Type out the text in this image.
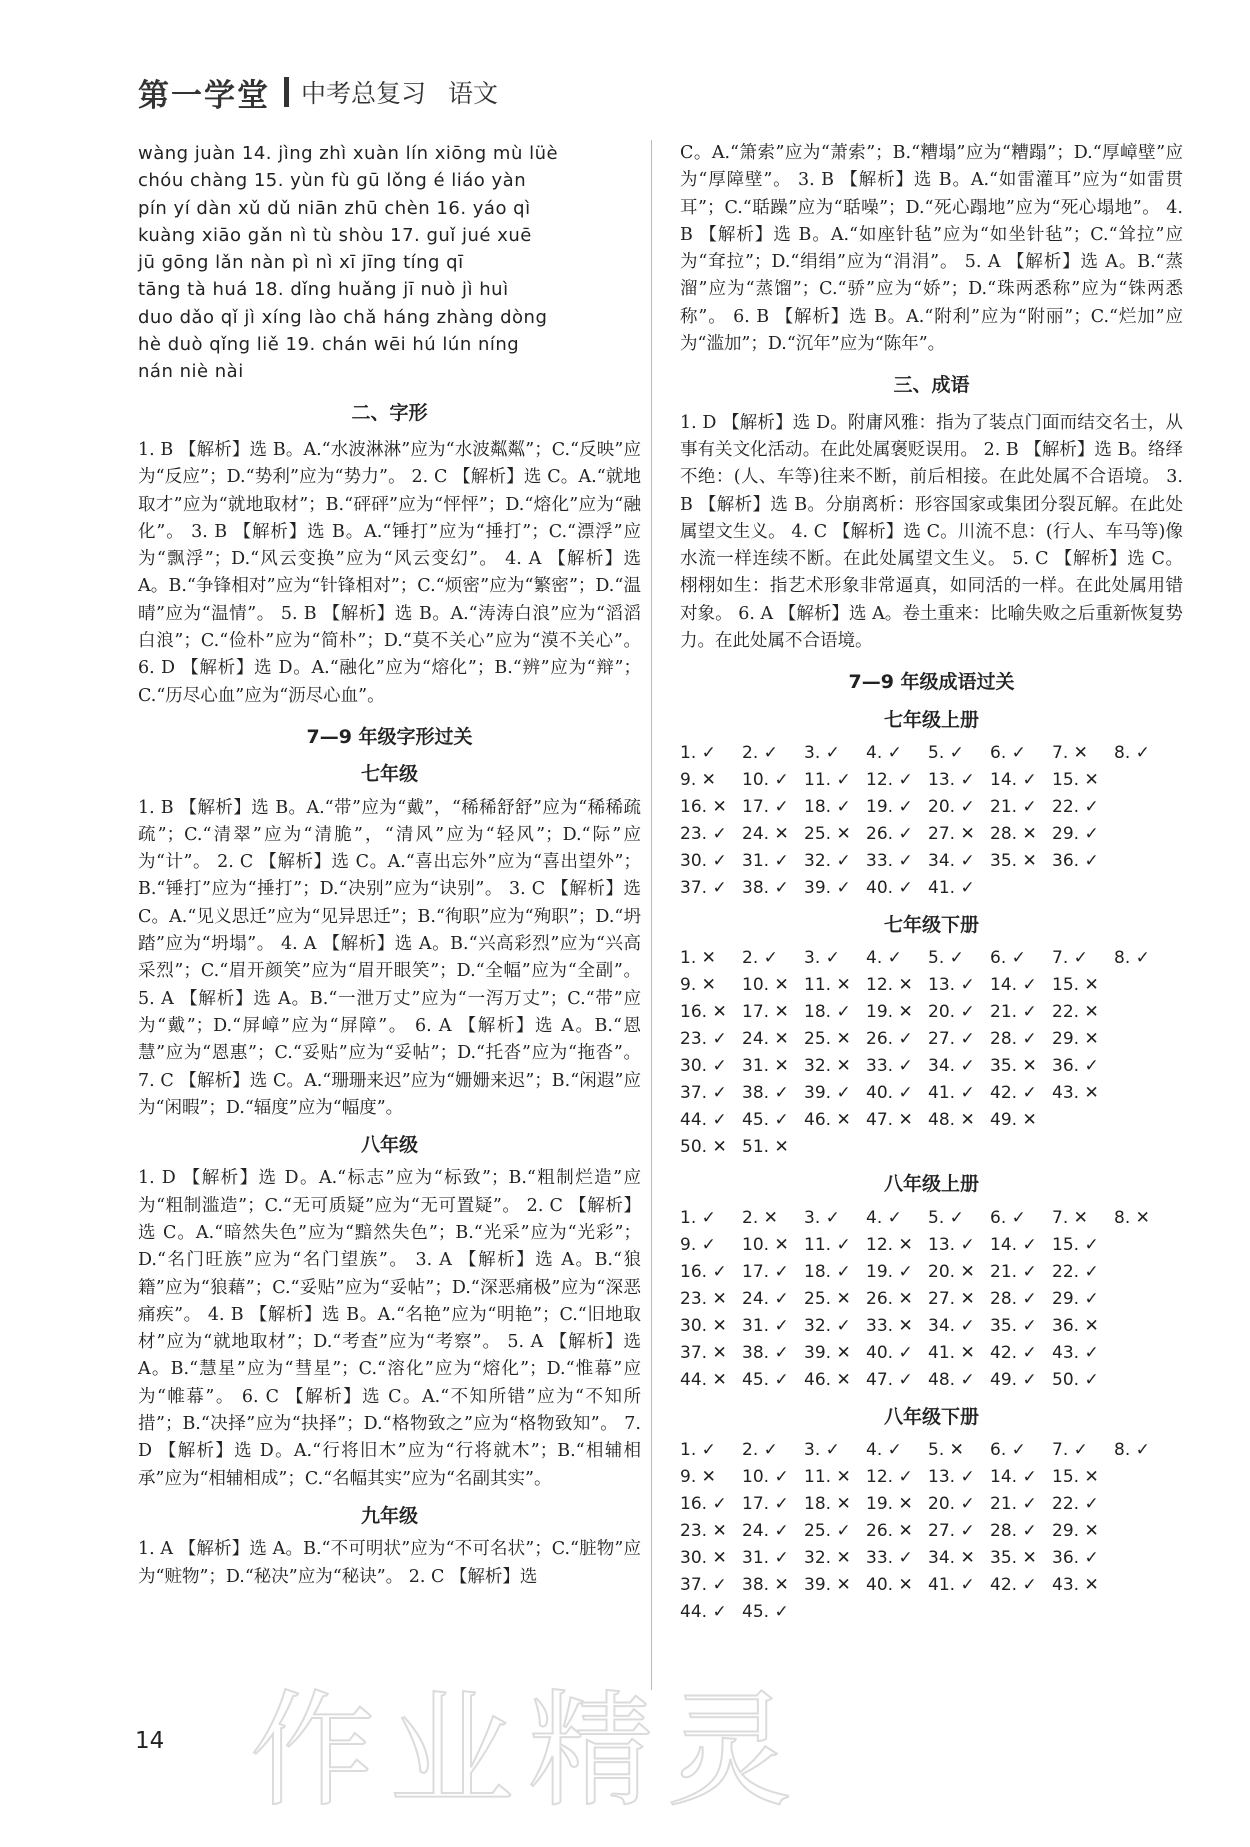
第一学堂 中考总复习 语文
wàng juàn 14. jìng zhì xuàn lín xiōng mù lüè
chóu chàng 15. yùn fù gū lǒng é liáo yàn
pín yí dàn xǔ dǔ niān zhū chèn 16. yáo qì
kuàng xiāo gǎn nì tù shòu 17. guǐ jué xuē
jū gōng lǎn nàn pì nì xī jīng tíng qī
tāng tà huá 18. dǐng huǎng jī nuò jì huì
duo dǎo qǐ jì xíng lào chǎ háng zhàng dòng
hè duò qǐng liě 19. chán wēi hú lún níng
nán niè nài
二、字形
1. B 【解析】选 B。A.“水波淋淋”应为“水波粼粼”；C.“反映”应为“反应”；D.“势利”应为“势力”。 2. C 【解析】选 C。A.“就地取才”应为“就地取材”；B.“砰砰”应为“怦怦”；D.“熔化”应为“融化”。 3. B 【解析】选 B。A.“锤打”应为“捶打”；C.“漂浮”应为“飘浮”；D.“风云变换”应为“风云变幻”。 4. A 【解析】选 A。B.“争锋相对”应为“针锋相对”；C.“烦密”应为“繁密”；D.“温晴”应为“温情”。 5. B 【解析】选 B。A.“涛涛白浪”应为“滔滔白浪”；C.“俭朴”应为“简朴”；D.“莫不关心”应为“漠不关心”。 6. D 【解析】选 D。A.“融化”应为“熔化”；B.“辨”应为“辩”；C.“历尽心血”应为“沥尽心血”。
7—9 年级字形过关
七年级
1. B 【解析】选 B。A.“带”应为“戴”，“稀稀舒舒”应为“稀稀疏疏”；C.“清翠”应为“清脆”，“清风”应为“轻风”；D.“际”应为“计”。 2. C 【解析】选 C。A.“喜出忘外”应为“喜出望外”；B.“锤打”应为“捶打”；D.“决别”应为“诀别”。 3. C 【解析】选 C。A.“见义思迁”应为“见异思迁”；B.“徇职”应为“殉职”；D.“坍踏”应为“坍塌”。 4. A 【解析】选 A。B.“兴高彩烈”应为“兴高采烈”；C.“眉开颜笑”应为“眉开眼笑”；D.“全幅”应为“全副”。 5. A 【解析】选 A。B.“一泄万丈”应为“一泻万丈”；C.“带”应为“戴”；D.“屏嶂”应为“屏障”。 6. A 【解析】选 A。B.“恩慧”应为“恩惠”；C.“妥贴”应为“妥帖”；D.“托沓”应为“拖沓”。 7. C 【解析】选 C。A.“珊珊来迟”应为“姗姗来迟”；B.“闲遐”应为“闲暇”；D.“辐度”应为“幅度”。
八年级
1. D 【解析】选 D。A.“标志”应为“标致”；B.“粗制烂造”应为“粗制滥造”；C.“无可质疑”应为“无可置疑”。 2. C 【解析】选 C。A.“暗然失色”应为“黯然失色”；B.“光采”应为“光彩”；D.“名门旺族”应为“名门望族”。 3. A 【解析】选 A。B.“狼籍”应为“狼藉”；C.“妥贴”应为“妥帖”；D.“深恶痛极”应为“深恶痛疾”。 4. B 【解析】选 B。A.“名艳”应为“明艳”；C.“旧地取材”应为“就地取材”；D.“考查”应为“考察”。 5. A 【解析】选 A。B.“慧星”应为“彗星”；C.“溶化”应为“熔化”；D.“惟幕”应为“帷幕”。 6. C 【解析】选 C。A.“不知所错”应为“不知所措”；B.“决择”应为“抉择”；D.“格物致之”应为“格物致知”。 7. D 【解析】选 D。A.“行将旧木”应为“行将就木”；B.“相辅相承”应为“相辅相成”；C.“名幅其实”应为“名副其实”。
九年级
1. A 【解析】选 A。B.“不可明状”应为“不可名状”；C.“脏物”应为“赃物”；D.“秘决”应为“秘诀”。 2. C 【解析】选
C。A.“箫索”应为“萧索”；B.“糟塌”应为“糟蹋”；D.“厚嶂壁”应为“厚障壁”。 3. B 【解析】选 B。A.“如雷灌耳”应为“如雷贯耳”；C.“聒躁”应为“聒噪”；D.“死心蹋地”应为“死心塌地”。 4. B 【解析】选 B。A.“如座针毡”应为“如坐针毡”；C.“耸拉”应为“耷拉”；D.“绢绢”应为“涓涓”。 5. A 【解析】选 A。B.“蒸溜”应为“蒸馏”；C.“骄”应为“娇”；D.“珠两悉称”应为“铢两悉称”。 6. B 【解析】选 B。A.“附利”应为“附丽”；C.“烂加”应为“滥加”；D.“沉年”应为“陈年”。
三、成语
1. D 【解析】选 D。附庸风雅：指为了装点门面而结交名士，从事有关文化活动。在此处属褒贬误用。 2. B 【解析】选 B。络绎不绝：(人、车等)往来不断，前后相接。在此处属不合语境。 3. B 【解析】选 B。分崩离析：形容国家或集团分裂瓦解。在此处属望文生义。 4. C 【解析】选 C。川流不息：(行人、车马等)像水流一样连续不断。在此处属望文生义。 5. C 【解析】选 C。栩栩如生：指艺术形象非常逼真，如同活的一样。在此处属用错对象。 6. A 【解析】选 A。卷土重来：比喻失败之后重新恢复势力。在此处属不合语境。
7—9 年级成语过关
七年级上册
1. ✓	2. ✓	3. ✓	4. ✓	5. ✓	6. ✓	7. ✕	8. ✓
9. ✕	10. ✓ 11. ✓ 12. ✓ 13. ✓ 14. ✓ 15. ✕
16. ✕ 17. ✓ 18. ✓ 19. ✓ 20. ✓ 21. ✓ 22. ✓
23. ✓ 24. ✕ 25. ✕ 26. ✓ 27. ✕ 28. ✕ 29. ✓
30. ✓ 31. ✓ 32. ✓ 33. ✓ 34. ✓ 35. ✕ 36. ✓
37. ✓ 38. ✓ 39. ✓ 40. ✓ 41. ✓
七年级下册
1. ✕	2. ✓	3. ✓	4. ✓	5. ✓	6. ✓	7. ✓	8. ✓
9. ✕	10. ✕ 11. ✕ 12. ✕ 13. ✓ 14. ✓ 15. ✕
16. ✕ 17. ✕ 18. ✓ 19. ✕ 20. ✓ 21. ✓ 22. ✕
23. ✓ 24. ✕ 25. ✕ 26. ✓ 27. ✓ 28. ✓ 29. ✕
30. ✓ 31. ✕ 32. ✕ 33. ✓ 34. ✓ 35. ✕ 36. ✓
37. ✓ 38. ✓ 39. ✓ 40. ✓ 41. ✓ 42. ✓ 43. ✕
44. ✓ 45. ✓ 46. ✕ 47. ✕ 48. ✕ 49. ✕
50. ✕ 51. ✕
八年级上册
1. ✓	2. ✕	3. ✓	4. ✓	5. ✓	6. ✓	7. ✕	8. ✕
9. ✓	10. ✕ 11. ✓ 12. ✕ 13. ✓ 14. ✓ 15. ✓
16. ✓ 17. ✓ 18. ✓ 19. ✓ 20. ✕ 21. ✓ 22. ✓
23. ✕ 24. ✓ 25. ✕ 26. ✕ 27. ✕ 28. ✓ 29. ✓
30. ✕ 31. ✓ 32. ✓ 33. ✕ 34. ✓ 35. ✓ 36. ✕
37. ✕ 38. ✓ 39. ✕ 40. ✓ 41. ✕ 42. ✓ 43. ✓
44. ✕ 45. ✓ 46. ✕ 47. ✓ 48. ✓ 49. ✓ 50. ✓
八年级下册
1. ✓	2. ✓	3. ✓	4. ✓	5. ✕	6. ✓	7. ✓	8. ✓
9. ✕	10. ✓ 11. ✕ 12. ✓ 13. ✓ 14. ✓ 15. ✕
16. ✓ 17. ✓ 18. ✕ 19. ✕ 20. ✓ 21. ✓ 22. ✓
23. ✕ 24. ✓ 25. ✓ 26. ✕ 27. ✓ 28. ✓ 29. ✕
30. ✕ 31. ✓ 32. ✕ 33. ✓ 34. ✕ 35. ✕ 36. ✓
37. ✓ 38. ✕ 39. ✕ 40. ✕ 41. ✓ 42. ✓ 43. ✕
44. ✓ 45. ✓
14 作业精灵
